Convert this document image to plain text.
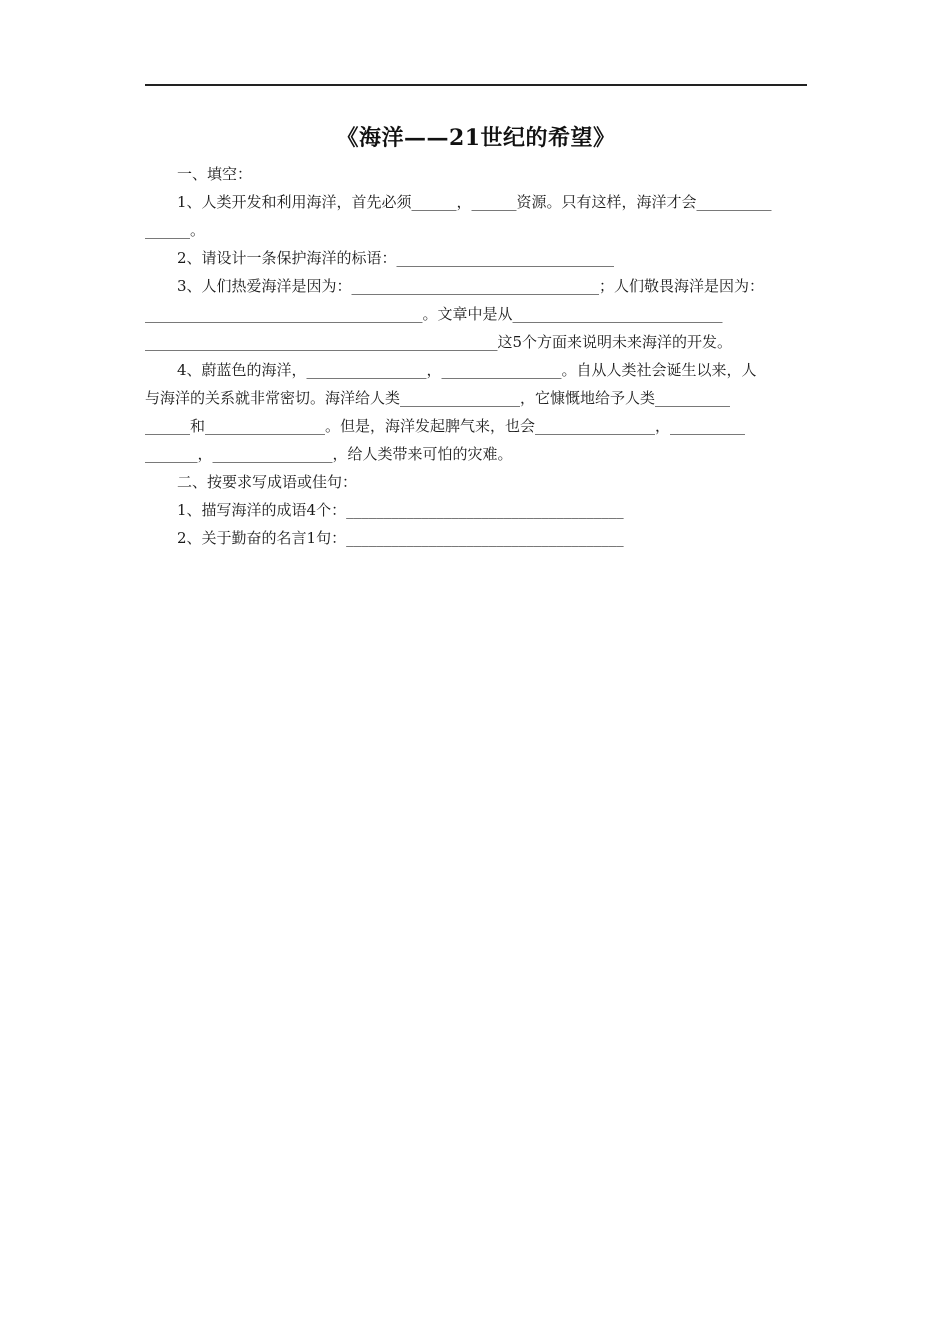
《海洋——21世纪的希望》
一、填空：
1、人类开发和利用海洋，首先必须______，______资源。只有这样，海洋才会__________
______。
2、请设计一条保护海洋的标语：_____________________________
3、人们热爱海洋是因为：_________________________________；人们敬畏海洋是因为：
_____________________________________。文章中是从____________________________
_______________________________________________这5个方面来说明未来海洋的开发。
4、蔚蓝色的海洋，________________，________________。自从人类社会诞生以来，人
与海洋的关系就非常密切。海洋给人类________________，它慷慨地给予人类__________
______和________________。但是，海洋发起脾气来，也会________________，__________
_______，________________，给人类带来可怕的灾难。
二、按要求写成语或佳句：
1、描写海洋的成语4个：_____________________________________
2、关于勤奋的名言1句：_____________________________________
